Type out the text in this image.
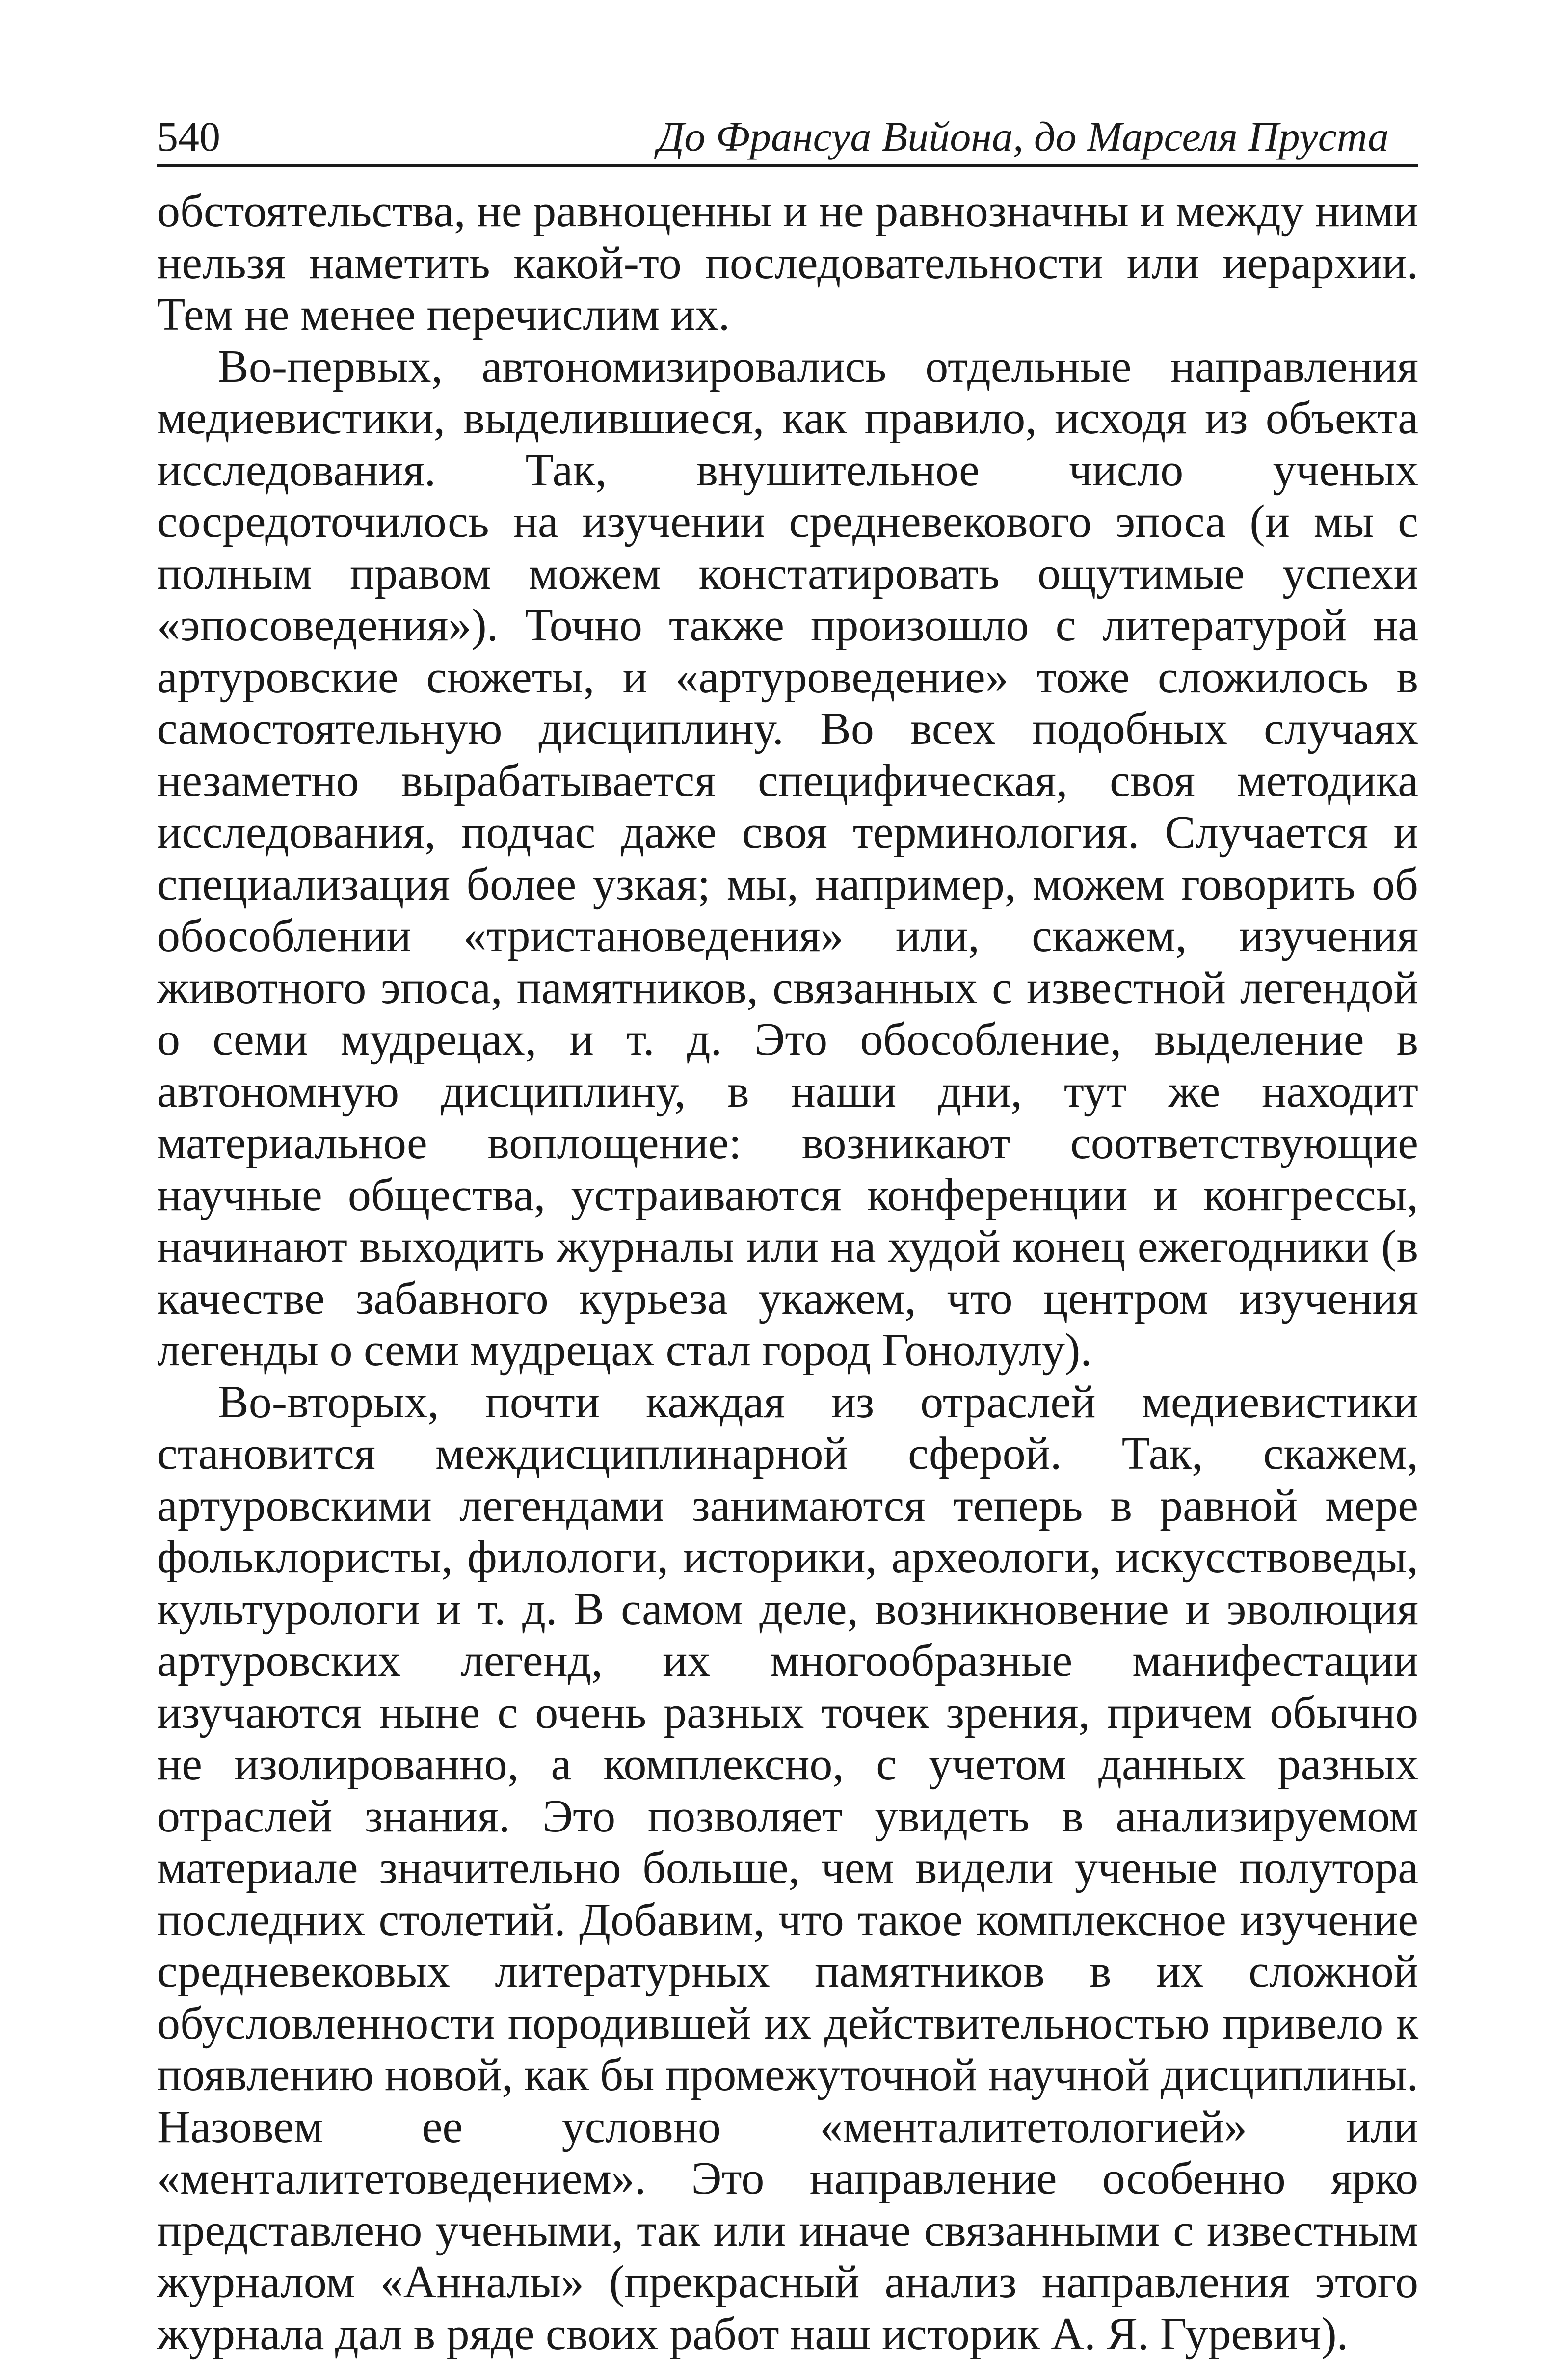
540	До Франсуа Вийона, до Марселя Пруста

обстоятельства, не равноценны и не равнозначны и между ними нельзя наметить какой-то последовательности или иерархии. Тем не менее перечислим их.

Во-первых, автономизировались отдельные направления медиевистики, выделившиеся, как правило, исходя из объекта исследования. Так, внушительное число ученых сосредоточилось на изучении средневекового эпоса (и мы с полным правом можем констатировать ощутимые успехи «эпосоведения»). Точно также произошло с литературой на артуровские сюжеты, и «артуроведение» тоже сложилось в самостоятельную дисциплину. Во всех подобных случаях незаметно вырабатывается специфическая, своя методика исследования, подчас даже своя терминология. Случается и специализация более узкая; мы, например, можем говорить об обособлении «тристановедения» или, скажем, изучения животного эпоса, памятников, связанных с известной легендой о семи мудрецах, и т. д. Это обособление, выделение в автономную дисциплину, в наши дни, тут же находит материальное воплощение: возникают соответствующие научные общества, устраиваются конференции и конгрессы, начинают выходить журналы или на худой конец ежегодники (в качестве забавного курьеза укажем, что центром изучения легенды о семи мудрецах стал город Гонолулу).

Во-вторых, почти каждая из отраслей медиевистики становится междисциплинарной сферой. Так, скажем, артуровскими легендами занимаются теперь в равной мере фольклористы, филологи, историки, археологи, искусствоведы, культурологи и т. д. В самом деле, возникновение и эволюция артуровских легенд, их многообразные манифестации изучаются ныне с очень разных точек зрения, причем обычно не изолированно, а комплексно, с учетом данных разных отраслей знания. Это позволяет увидеть в анализируемом материале значительно больше, чем видели ученые полутора последних столетий. Добавим, что такое комплексное изучение средневековых литературных памятников в их сложной обусловленности породившей их действительностью привело к появлению новой, как бы промежуточной научной дисциплины. Назовем ее условно «менталитетологией» или «менталитетоведением». Это направление особенно ярко представлено учеными, так или иначе связанными с известным журналом «Анналы» (прекрасный анализ направления этого журнала дал в ряде своих работ наш историк А. Я. Гуревич).
